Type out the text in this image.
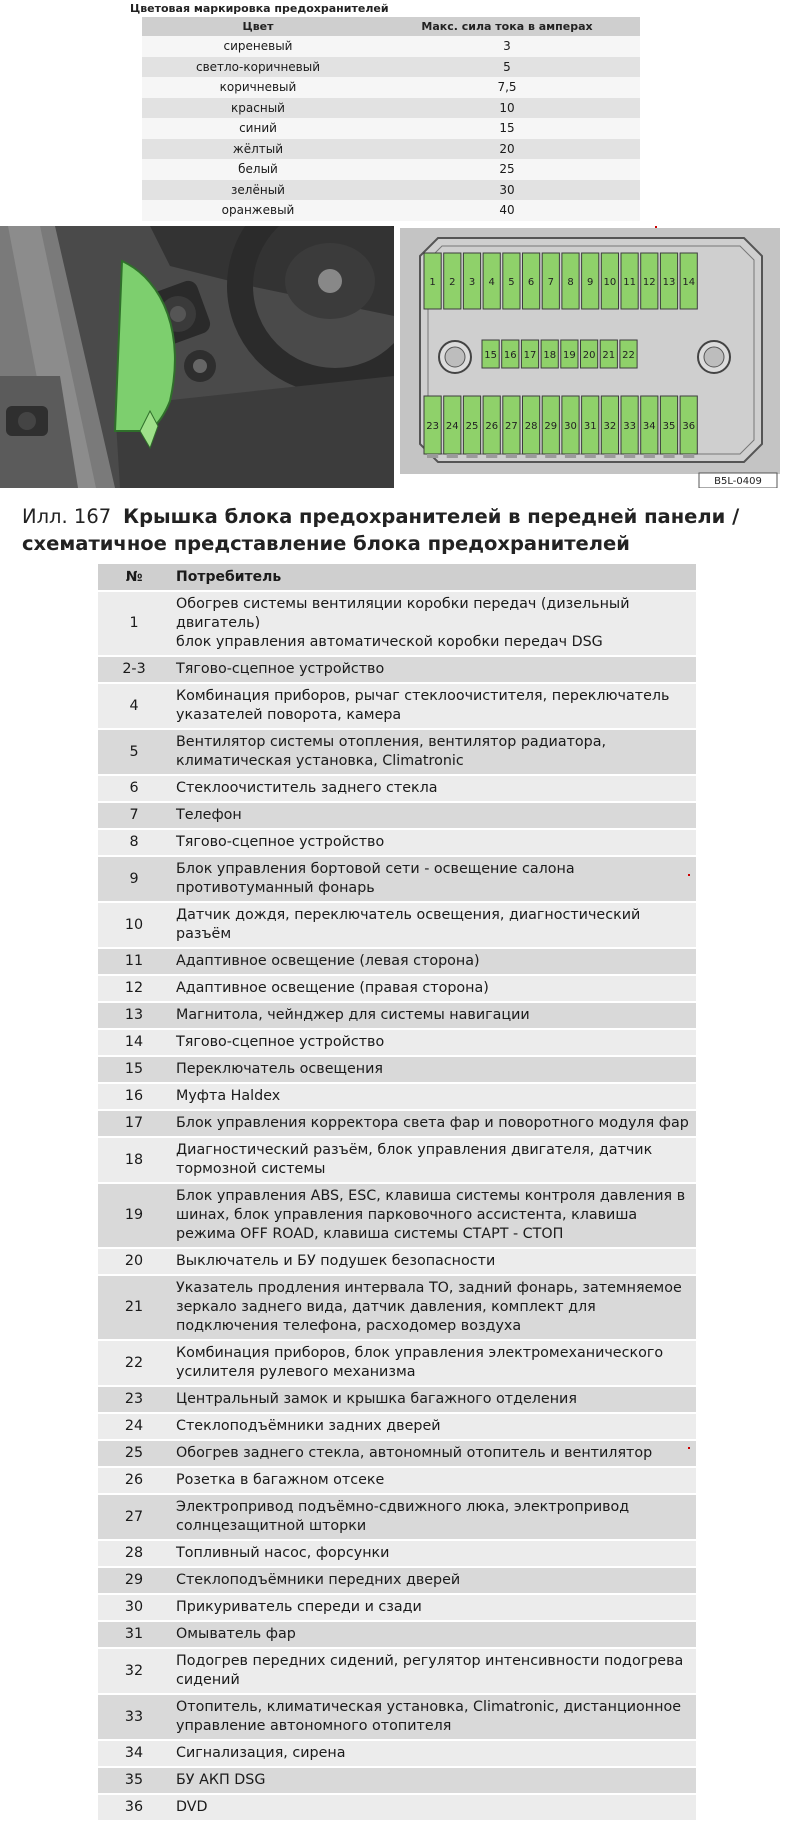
Цветовая маркировка предохранителей
Цвет	Макс. сила тока в амперах
сиреневый	3
светло-коричневый	5
коричневый	7,5
красный	10
синий	15
жёлтый	20
белый	25
зелёный	30
оранжевый	40
1 2 3 4 5 6 7 8 9 10 11 12 13 14
15 16 17 18 19 20 21 22
23 24 25 26 27 28 29 30 31 32 33 34 35 36
B5L-0409
Илл. 167 Крышка блока предохранителей в передней панели / схематичное представление блока предохранителей
№	Потребитель
1	Обогрев системы вентиляции коробки передач (дизельный двигатель)
блок управления автоматической коробки передач DSG
2-3	Тягово-сцепное устройство
4	Комбинация приборов, рычаг стеклоочистителя, переключатель указателей поворота, камера
5	Вентилятор системы отопления, вентилятор радиатора, климатическая установка, Climatronic
6	Стеклоочиститель заднего стекла
7	Телефон
8	Тягово-сцепное устройство
9	Блок управления бортовой сети - освещение салона противотуманный фонарь
10	Датчик дождя, переключатель освещения, диагностический разъём
11	Адаптивное освещение (левая сторона)
12	Адаптивное освещение (правая сторона)
13	Магнитола, чейнджер для системы навигации
14	Тягово-сцепное устройство
15	Переключатель освещения
16	Муфта Haldex
17	Блок управления корректора света фар и поворотного модуля фар
18	Диагностический разъём, блок управления двигателя, датчик тормозной системы
19	Блок управления ABS, ESC, клавиша системы контроля давления в шинах, блок управления парковочного ассистента, клавиша режима OFF ROAD, клавиша системы СТАРТ - СТОП
20	Выключатель и БУ подушек безопасности
21	Указатель продления интервала ТО, задний фонарь, затемняемое зеркало заднего вида, датчик давления, комплект для подключения телефона, расходомер воздуха
22	Комбинация приборов, блок управления электромеханического усилителя рулевого механизма
23	Центральный замок и крышка багажного отделения
24	Стеклоподъёмники задних дверей
25	Обогрев заднего стекла, автономный отопитель и вентилятор
26	Розетка в багажном отсеке
27	Электропривод подъёмно-сдвижного люка, электропривод солнцезащитной шторки
28	Топливный насос, форсунки
29	Стеклоподъёмники передних дверей
30	Прикуриватель спереди и сзади
31	Омыватель фар
32	Подогрев передних сидений, регулятор интенсивности подогрева сидений
33	Отопитель, климатическая установка, Climatronic, дистанционное управление автономного отопителя
34	Сигнализация, сирена
35	БУ АКП DSG
36	DVD
